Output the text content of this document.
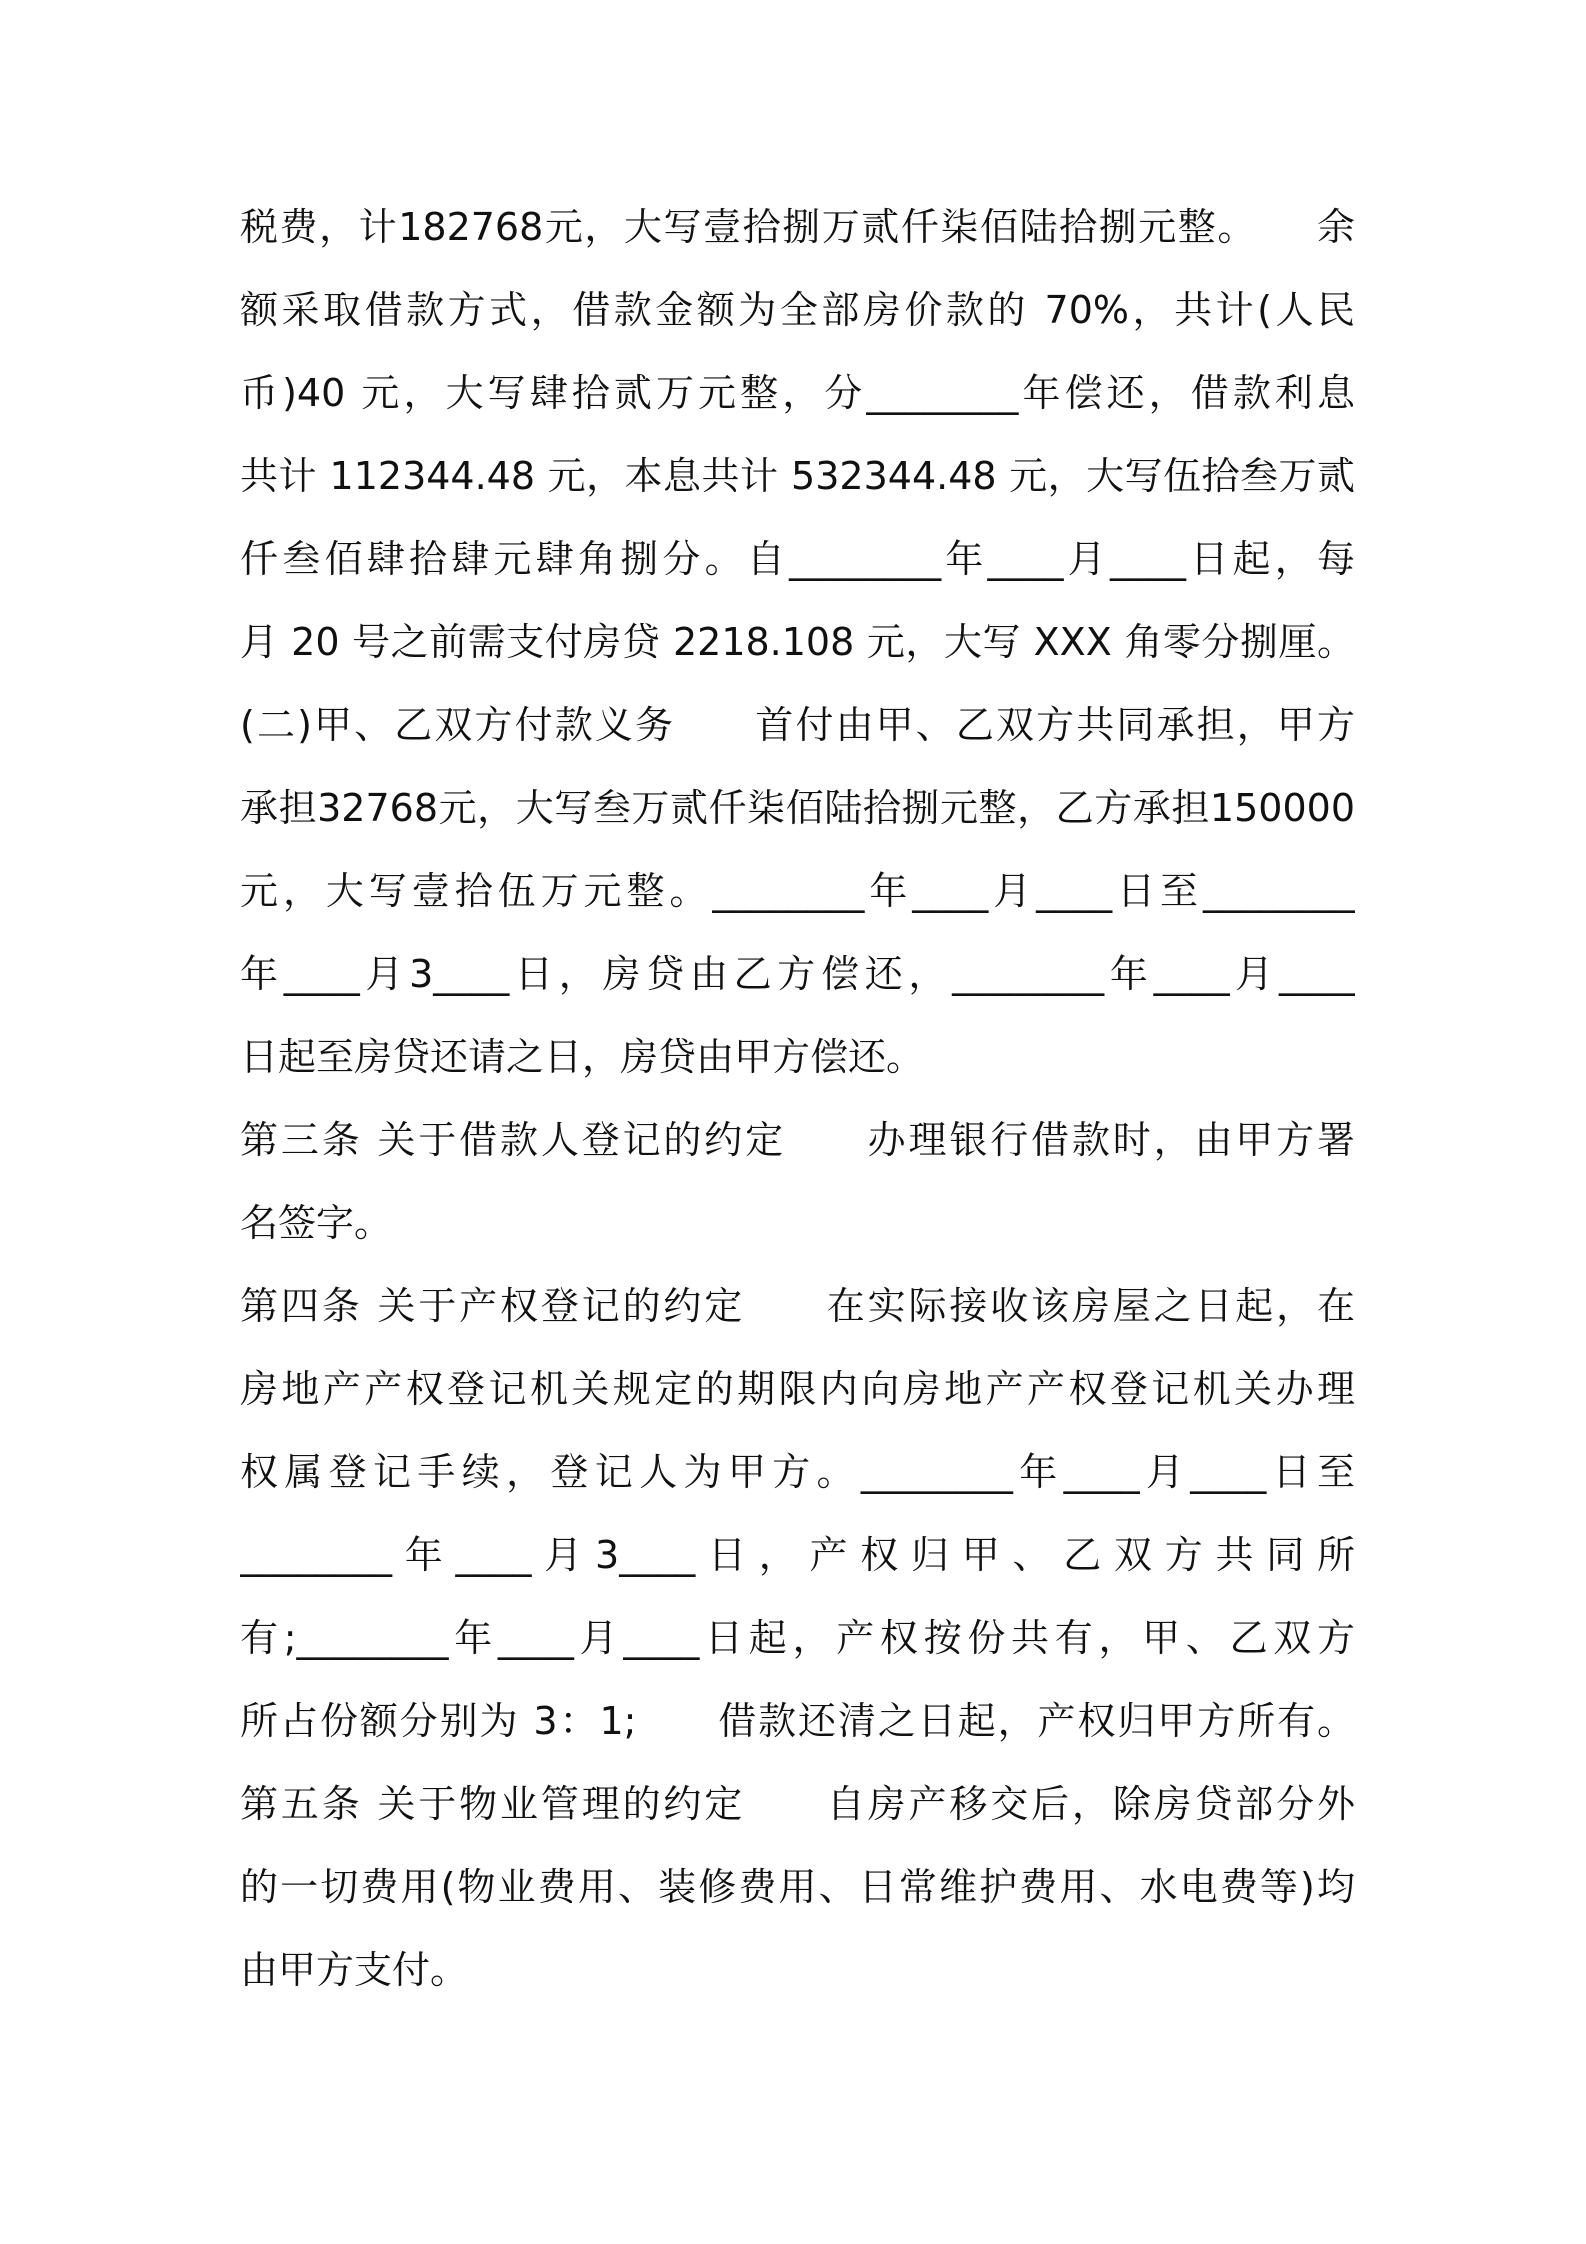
税费，计182768元，大写壹拾捌万贰仟柒佰陆拾捌元整。　　余
额采取借款方式，借款金额为全部房价款的 70%，共计(人民
币)40 元，大写肆拾贰万元整，分________年偿还，借款利息
共计 112344.48 元，本息共计 532344.48 元，大写伍拾叁万贰
仟叁佰肆拾肆元肆角捌分。自________年____月____日起，每
月 20 号之前需支付房贷 2218.108 元，大写 XXX 角零分捌厘。
(二)甲、乙双方付款义务　　首付由甲、乙双方共同承担，甲方
承担32768元，大写叁万贰仟柒佰陆拾捌元整，乙方承担150000
元，大写壹拾伍万元整。________年____月____日至________
年____月3____日，房贷由乙方偿还，________年____月____
日起至房贷还请之日，房贷由甲方偿还。
第三条 关于借款人登记的约定　　办理银行借款时，由甲方署
名签字。
第四条 关于产权登记的约定　　在实际接收该房屋之日起，在
房地产产权登记机关规定的期限内向房地产产权登记机关办理
权属登记手续，登记人为甲方。________年____月____日至
________年____月3____日，产权归甲、乙双方共同所
有;________年____月____日起，产权按份共有，甲、乙双方
所占份额分别为 3：1;　　借款还清之日起，产权归甲方所有。
第五条 关于物业管理的约定　　自房产移交后，除房贷部分外
的一切费用(物业费用、装修费用、日常维护费用、水电费等)均
由甲方支付。
